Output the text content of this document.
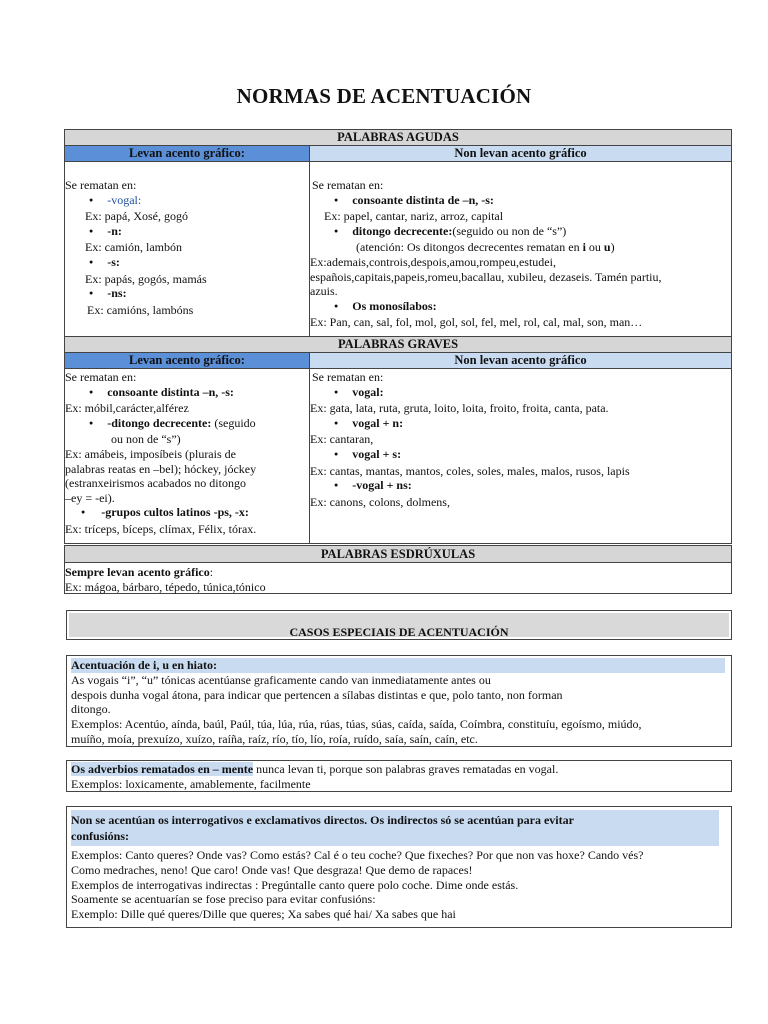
NORMAS DE ACENTUACIÓN
PALABRAS AGUDAS
Levan acento gráfico:	Non levan acento gráfico

Se rematan en:

● -vogal:

Ex: papá, Xosé, gogó

● -n:

Ex: camión, lambón

● -s:

Ex: papás, gogós, mamás

● -ns:

Ex: camións, lambóns

Se rematan en:

● consoante distinta de –n, -s:

Ex: papel, cantar, nariz, arroz, capital

● ditongo decrecente:(seguido ou non de “s”)

(atención: Os ditongos decrecentes rematan en i ou u)

Ex:ademais,controis,despois,amou,rompeu,estudei,

españois,capitais,papeis,romeu,bacallau, xubileu, dezaseis. Tamén partiu,

azuis.

● Os monosílabos:

Ex: Pan, can, sal, fol, mol, gol, sol, fel, mel, rol, cal, mal, son, man…

PALABRAS GRAVES
Levan acento gráfico:	Non levan acento gráfico

Se rematan en:

● consoante distinta –n, -s:

Ex: móbil,carácter,alférez

● -ditongo decrecente: (seguido

ou non de “s”)

Ex: amábeis, imposíbeis (plurais de

palabras reatas en –bel); hóckey, jóckey

(estranxeirismos acabados no ditongo

–ey = -ei).

● -grupos cultos latinos -ps, -x:

Ex: tríceps, bíceps, clímax, Félix, tórax.

Se rematan en:

● vogal:

Ex: gata, lata, ruta, gruta, loito, loita, froito, froita, canta, pata.

● vogal + n:

Ex: cantaran,

● vogal + s:

Ex: cantas, mantas, mantos, coles, soles, males, malos, rusos, lapis

● -vogal + ns:

Ex: canons, colons, dolmens,

PALABRAS ESDRÚXULAS

Sempre levan acento gráfico:

Ex: mágoa, bárbaro, tépedo, túnica,tónico

CASOS ESPECIAIS DE ACENTUACIÓN

Acentuación de i, u en hiato:

As vogais “i”, “u” tónicas acentúanse graficamente cando van inmediatamente antes ou

despois dunha vogal átona, para indicar que pertencen a sílabas distintas e que, polo tanto, non forman

ditongo.

Exemplos: Acentúo, aínda, baúl, Paúl, túa, lúa, rúa, rúas, túas, súas, caída, saída, Coímbra, constituíu, egoísmo, miúdo,

muíño, moía, prexuízo, xuízo, raíña, raíz, río, tío, lío, roía, ruído, saía, saín, caín, etc.

Os adverbios rematados en – mente nunca levan ti, porque son palabras graves rematadas en vogal.

Exemplos: loxicamente, amablemente, facilmente

Non se acentúan os interrogativos e exclamativos directos. Os indirectos só se acentúan para evitar

confusións:

Exemplos: Canto queres? Onde vas? Como estás? Cal é o teu coche? Que fixeches? Por que non vas hoxe? Cando vés?

Como medraches, neno! Que caro! Onde vas! Que desgraza! Que demo de rapaces!

Exemplos de interrogativas indirectas : Pregúntalle canto quere polo coche. Dime onde estás.

Soamente se acentuarían se fose preciso para evitar confusións:

Exemplo: Dille qué queres/Dille que queres; Xa sabes qué hai/ Xa sabes que hai
